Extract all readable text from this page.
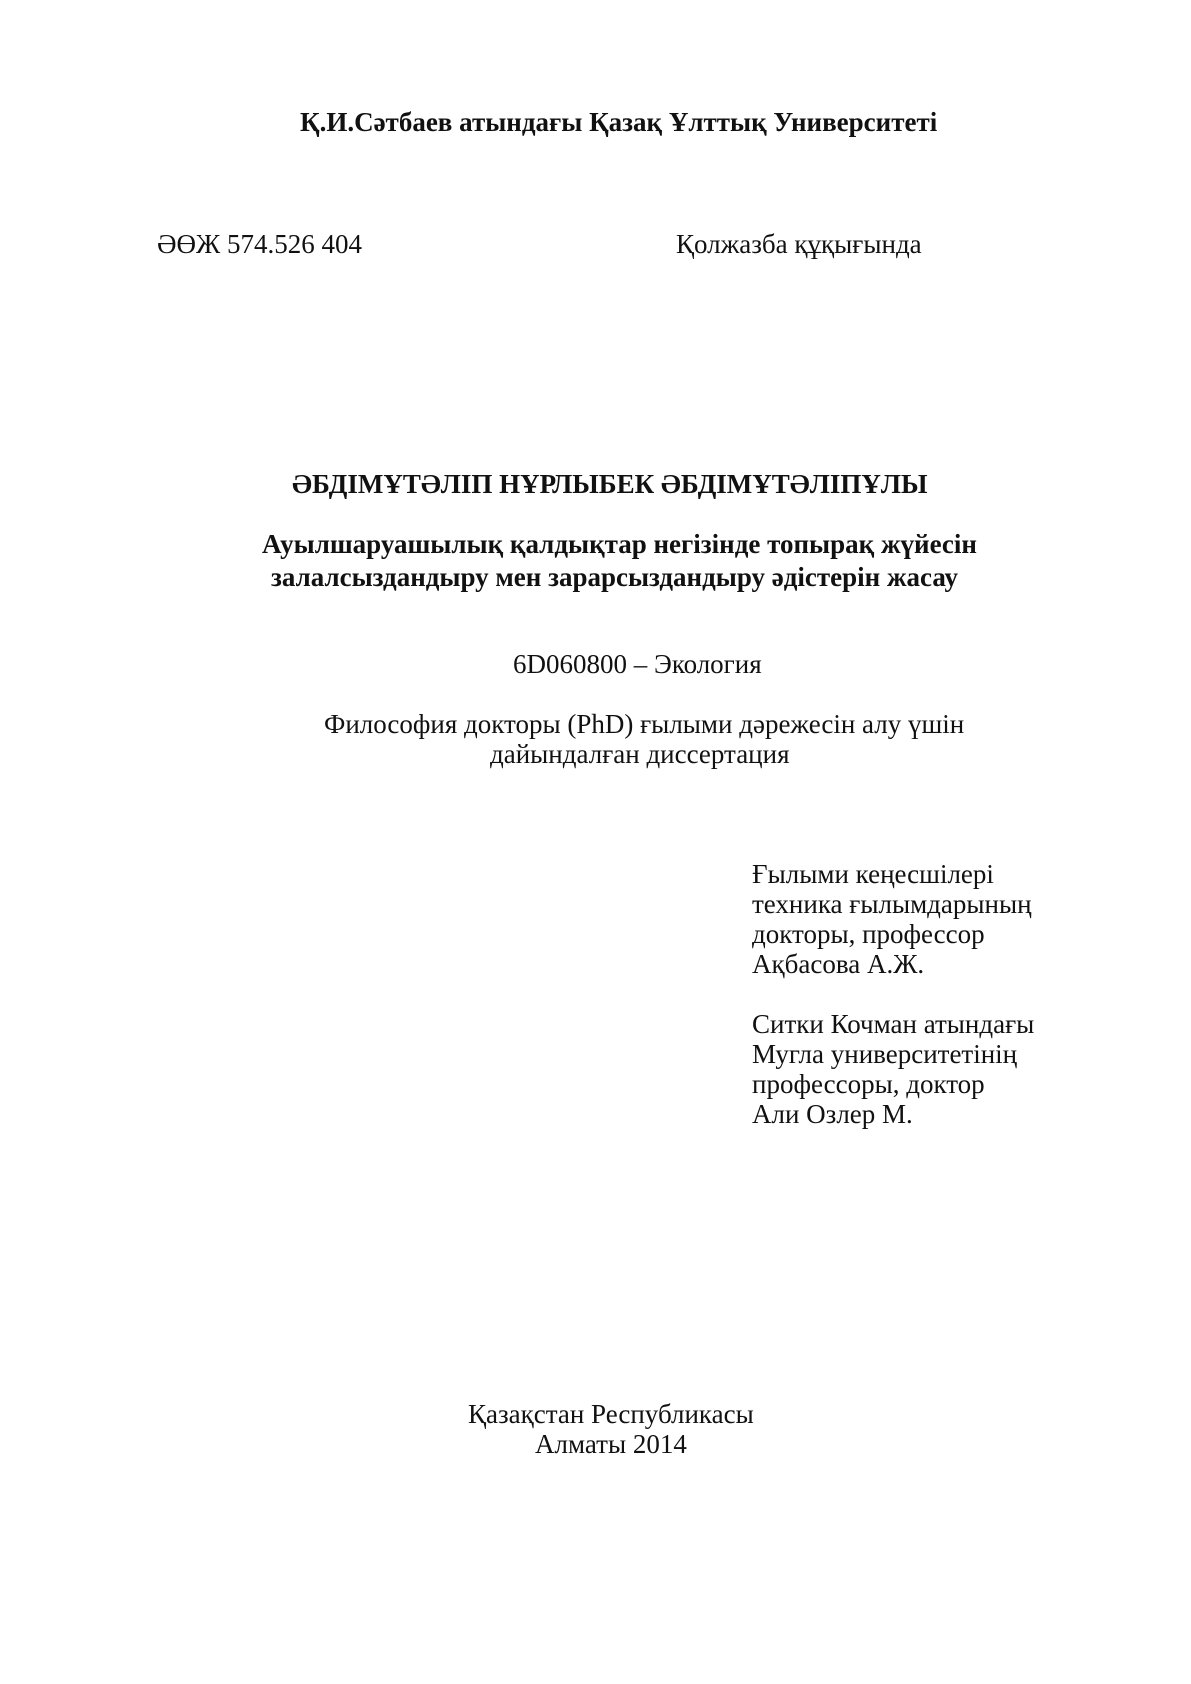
Қ.И.Сәтбаев атындағы Қазақ Ұлттық Университеті
ӘӨЖ 574.526 404	Қолжазба құқығында
ӘБДІМҰТӘЛІП НҰРЛЫБЕК ӘБДІМҰТӘЛІПҰЛЫ
Ауылшаруашылық қалдықтар негізінде топырақ жүйесін
залалсыздандыру мен зарарсыздандыру әдістерін жасау
6D060800 – Экология
Философия докторы (PhD) ғылыми дәрежесін алу үшін
дайындалған диссертация
Ғылыми кеңесшілері
техника ғылымдарының
докторы, профессор
Ақбасова А.Ж.
Ситки Кочман атындағы
Мугла университетінің
профессоры, доктор
Али Озлер М.
Қазақстан Республикасы
Алматы 2014
